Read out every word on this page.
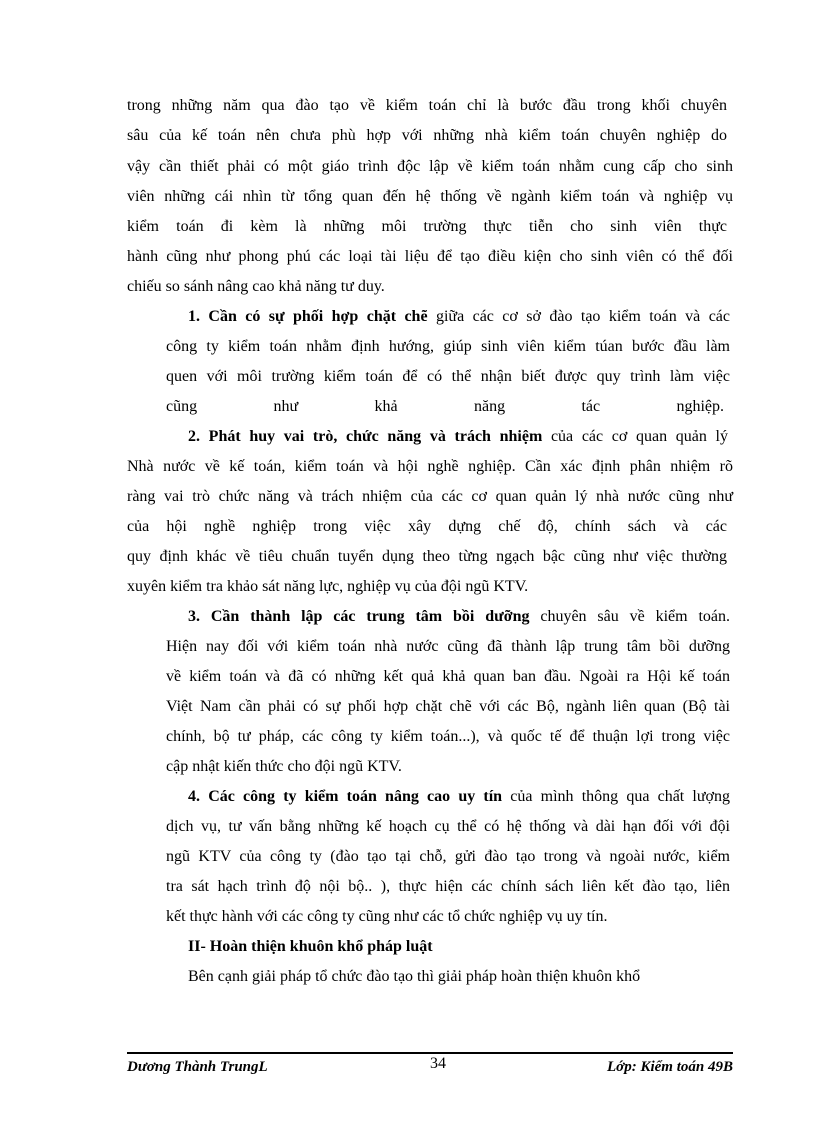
trong những năm qua đào tạo về kiểm toán chỉ là bước đầu trong khối chuyên
sâu của kế toán nên chưa phù hợp với những nhà kiểm toán chuyên nghiệp do
vậy cần thiết phải có một giáo trình độc lập về kiểm toán nhằm cung cấp cho sinh
viên những cái nhìn từ tổng quan đến hệ thống về ngành kiểm toán và nghiệp vụ
kiểm toán đi kèm là những môi trường thực tiễn cho sinh viên thực
hành cũng như phong phú các loại tài liệu để tạo điều kiện cho sinh viên có thể đối
chiếu so sánh nâng cao khả năng tư duy.
1. Cần có sự phối hợp chặt chẽ giữa các cơ sở đào tạo kiểm toán và các
công ty kiểm toán nhằm định hướng, giúp sinh viên kiểm túan bước đầu làm
quen với môi trường kiểm toán để có thể nhận biết được quy trình làm việc
cũng như khả năng tác nghiệp.
2. Phát huy vai trò, chức năng và trách nhiệm của các cơ quan quản lý
Nhà nước về kế toán, kiểm toán và hội nghề nghiệp. Cần xác định phân nhiệm rõ
ràng vai trò chức năng và trách nhiệm của các cơ quan quản lý nhà nước cũng như
của hội nghề nghiệp trong việc xây dựng chế độ, chính sách và các
quy định khác về tiêu chuẩn tuyển dụng theo từng ngạch bậc cũng như việc thường
xuyên kiểm tra khảo sát năng lực, nghiệp vụ của đội ngũ KTV.
3. Cần thành lập các trung tâm bồi dưỡng chuyên sâu về kiểm toán.
Hiện nay đối với kiểm toán nhà nước cũng đã thành lập trung tâm bồi dưỡng
về kiểm toán và đã có những kết quả khả quan ban đầu. Ngoài ra Hội kế toán
Việt Nam cần phải có sự phối hợp chặt chẽ với các Bộ, ngành liên quan (Bộ tài
chính, bộ tư pháp, các công ty kiểm toán...), và quốc tế để thuận lợi trong việc
cập nhật kiến thức cho đội ngũ KTV.
4. Các công ty kiểm toán nâng cao uy tín của mình thông qua chất lượng
dịch vụ, tư vấn bằng những kế hoạch cụ thể có hệ thống và dài hạn đối với đội
ngũ KTV của công ty (đào tạo tại chỗ, gửi đào tạo trong và ngoài nước, kiểm
tra sát hạch trình độ nội bộ.. ), thực hiện các chính sách liên kết đào tạo, liên
kết thực hành với các công ty cũng như các tổ chức nghiệp vụ uy tín.
II- Hoàn thiện khuôn khổ pháp luật
Bên cạnh giải pháp tổ chức đào tạo thì giải pháp hoàn thiện khuôn khổ
Dương Thành TrungL	34	Lớp: Kiểm toán 49B
